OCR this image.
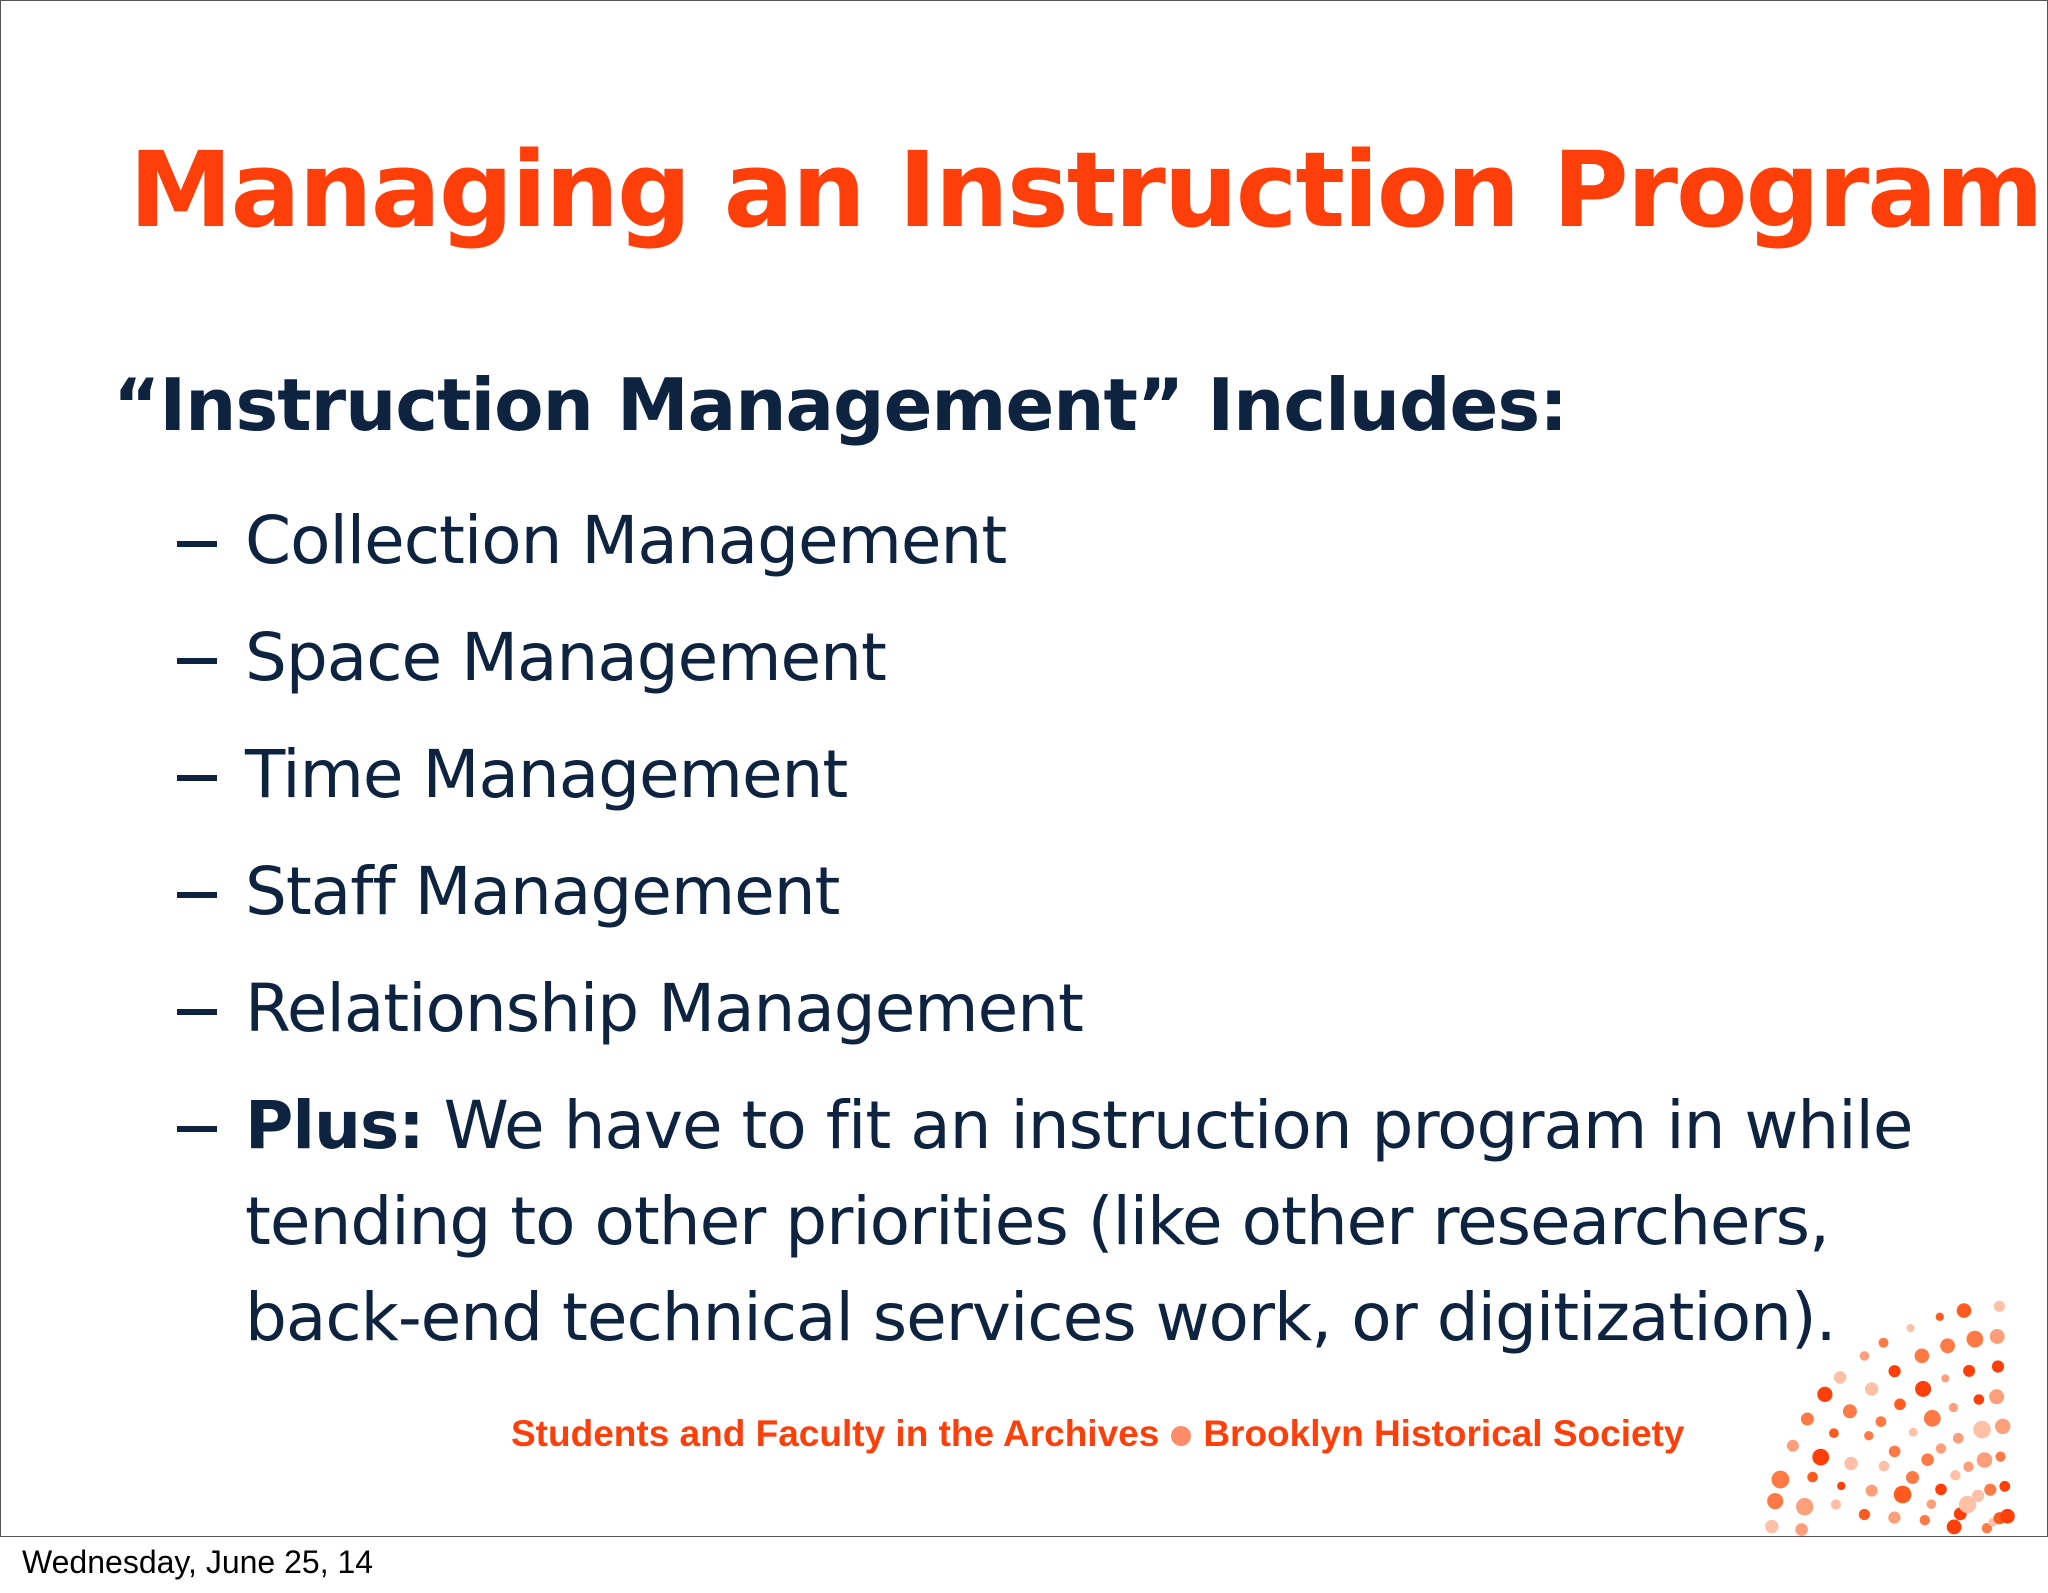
Managing an Instruction Program
“Instruction Management” Includes:
Collection Management
Space Management
Time Management
Staff Management
Relationship Management
Plus: We have to fit an instruction program in while tending to other priorities (like other researchers, back-end technical services work, or digitization).
Students and Faculty in the Archives Brooklyn Historical Society
Wednesday, June 25, 14
